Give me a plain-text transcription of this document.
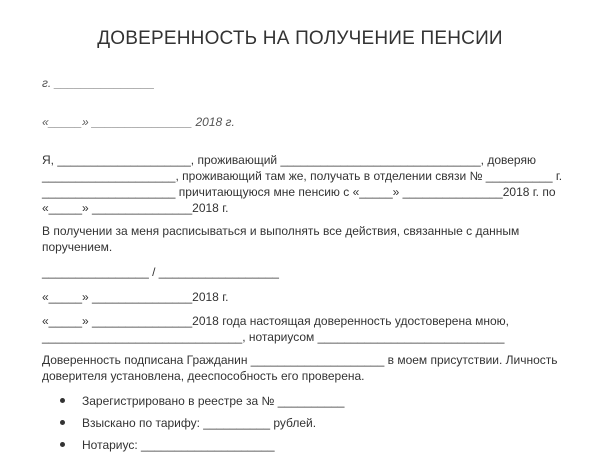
ДОВЕРЕННОСТЬ НА ПОЛУЧЕНИЕ ПЕНСИИ
г. _______________
«_____» _______________ 2018 г.
Я, ____________________, проживающий ______________________________, доверяю
____________________, проживающий там же, получать в отделении связи № __________ г.
____________________ причитающуюся мне пенсию с «_____» _______________2018 г. по
«_____» _______________2018 г.
В получении за меня расписываться и выполнять все действия, связанные с данным
поручением.
________________ / __________________
«_____» _______________2018 г.
«_____» _______________2018 года настоящая доверенность удостоверена мною,
______________________________, нотариусом ____________________________
Доверенность подписана Гражданин ____________________ в моем присутствии. Личность
доверителя установлена, дееспособность его проверена.
Зарегистрировано в реестре за № __________
Взыскано по тарифу: __________ рублей.
Нотариус: ____________________
